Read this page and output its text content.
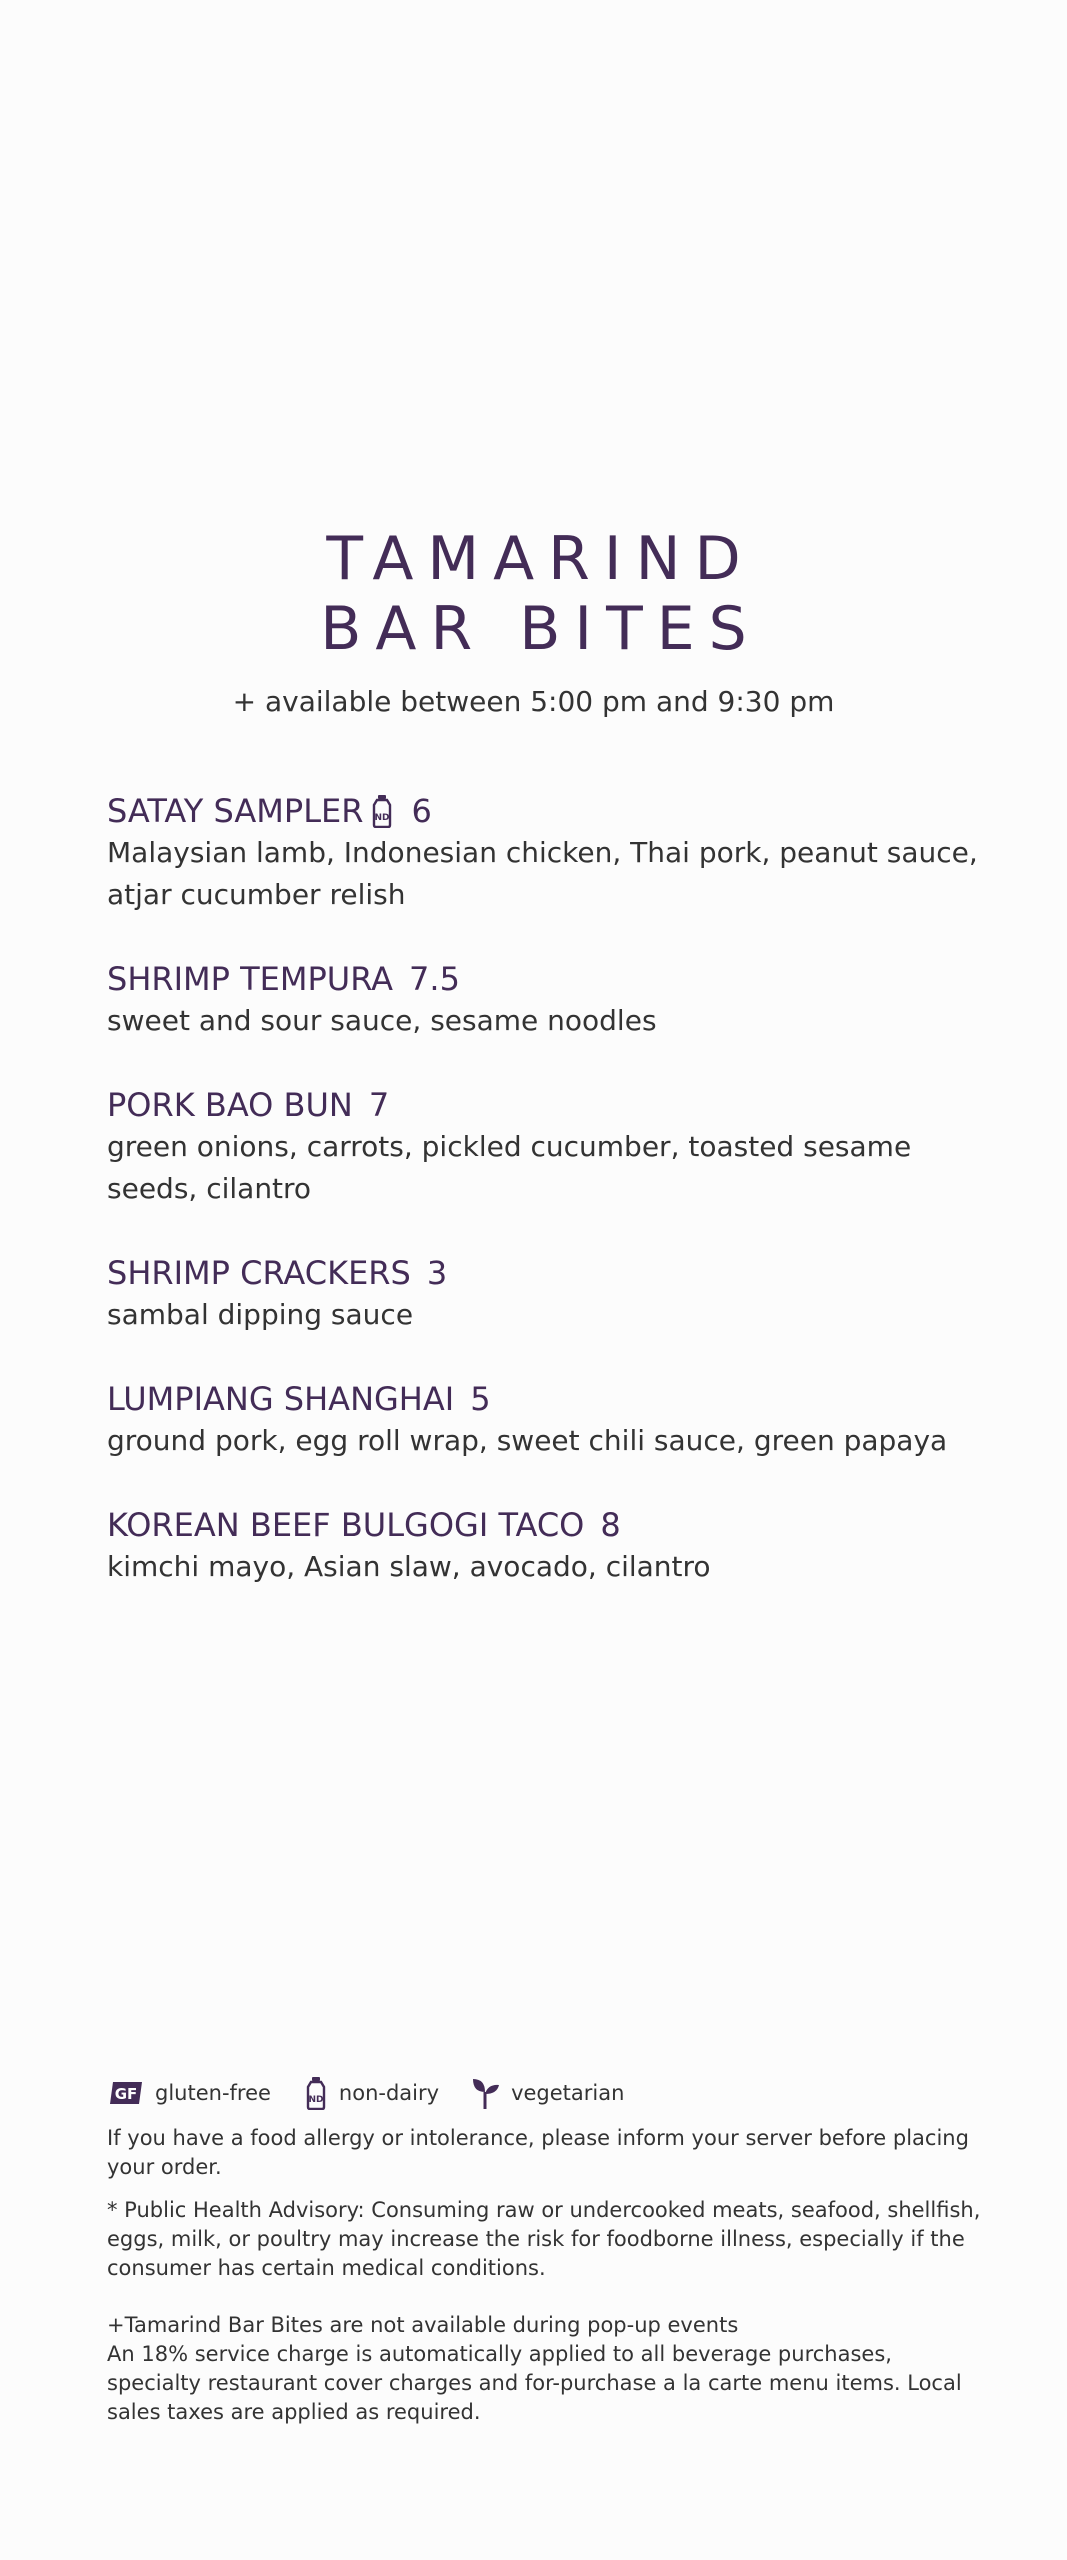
TAMARIND
BAR BITES
+ available between 5:00 pm and 9:30 pm
SATAY SAMPLER ND 6
Malaysian lamb, Indonesian chicken, Thai pork, peanut sauce, atjar cucumber relish
SHRIMP TEMPURA 7.5
sweet and sour sauce, sesame noodles
PORK BAO BUN 7
green onions, carrots, pickled cucumber, toasted sesame seeds, cilantro
SHRIMP CRACKERS 3
sambal dipping sauce
LUMPIANG SHANGHAI 5
ground pork, egg roll wrap, sweet chili sauce, green papaya
KOREAN BEEF BULGOGI TACO 8
kimchi mayo, Asian slaw, avocado, cilantro
GF gluten-free	ND non-dairy	vegetarian

If you have a food allergy or intolerance, please inform your server before placing your order.

* Public Health Advisory: Consuming raw or undercooked meats, seafood, shellfish, eggs, milk, or poultry may increase the risk for foodborne illness, especially if the consumer has certain medical conditions.

+Tamarind Bar Bites are not available during pop-up events

An 18% service charge is automatically applied to all beverage purchases, specialty restaurant cover charges and for-purchase a la carte menu items. Local sales taxes are applied as required.
